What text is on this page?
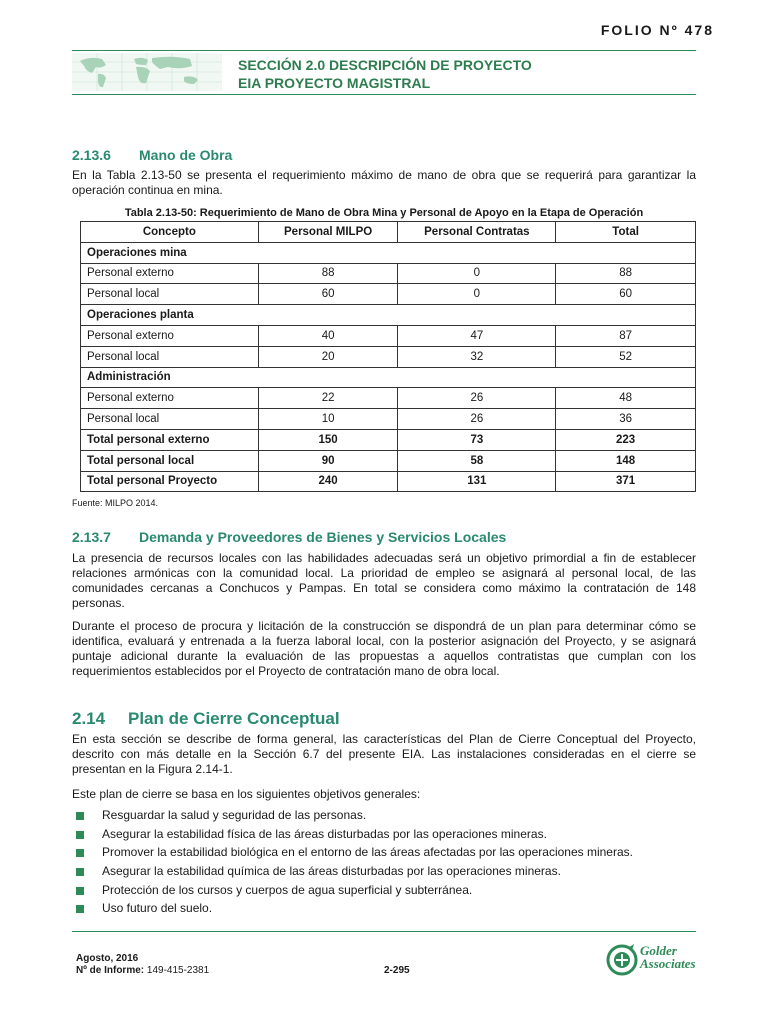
FOLIO Nº 478
SECCIÓN 2.0 DESCRIPCIÓN DE PROYECTO
EIA PROYECTO MAGISTRAL
2.13.6 Mano de Obra
En la Tabla 2.13-50 se presenta el requerimiento máximo de mano de obra que se requerirá para garantizar la operación continua en mina.
Tabla 2.13-50: Requerimiento de Mano de Obra Mina y Personal de Apoyo en la Etapa de Operación
Concepto	Personal MILPO	Personal Contratas	Total
Operaciones mina			
Personal externo	88	0	88
Personal local	60	0	60
Operaciones planta			
Personal externo	40	47	87
Personal local	20	32	52
Administración			
Personal externo	22	26	48
Personal local	10	26	36
Total personal externo	150	73	223
Total personal local	90	58	148
Total personal Proyecto	240	131	371
Fuente: MILPO 2014.
2.13.7 Demanda y Proveedores de Bienes y Servicios Locales
La presencia de recursos locales con las habilidades adecuadas será un objetivo primordial a fin de establecer relaciones armónicas con la comunidad local. La prioridad de empleo se asignará al personal local, de las comunidades cercanas a Conchucos y Pampas. En total se considera como máximo la contratación de 148 personas.
Durante el proceso de procura y licitación de la construcción se dispondrá de un plan para determinar cómo se identifica, evaluará y entrenada a la fuerza laboral local, con la posterior asignación del Proyecto, y se asignará puntaje adicional durante la evaluación de las propuestas a aquellos contratistas que cumplan con los requerimientos establecidos por el Proyecto de contratación mano de obra local.
2.14 Plan de Cierre Conceptual
En esta sección se describe de forma general, las características del Plan de Cierre Conceptual del Proyecto, descrito con más detalle en la Sección 6.7 del presente EIA. Las instalaciones consideradas en el cierre se presentan en la Figura 2.14-1.
Este plan de cierre se basa en los siguientes objetivos generales:
Resguardar la salud y seguridad de las personas.
Asegurar la estabilidad física de las áreas disturbadas por las operaciones mineras.
Promover la estabilidad biológica en el entorno de las áreas afectadas por las operaciones mineras.
Asegurar la estabilidad química de las áreas disturbadas por las operaciones mineras.
Protección de los cursos y cuerpos de agua superficial y subterránea.
Uso futuro del suelo.
Agosto, 2016
Nº de Informe: 149-415-2381	2-295
Golder
Associates
